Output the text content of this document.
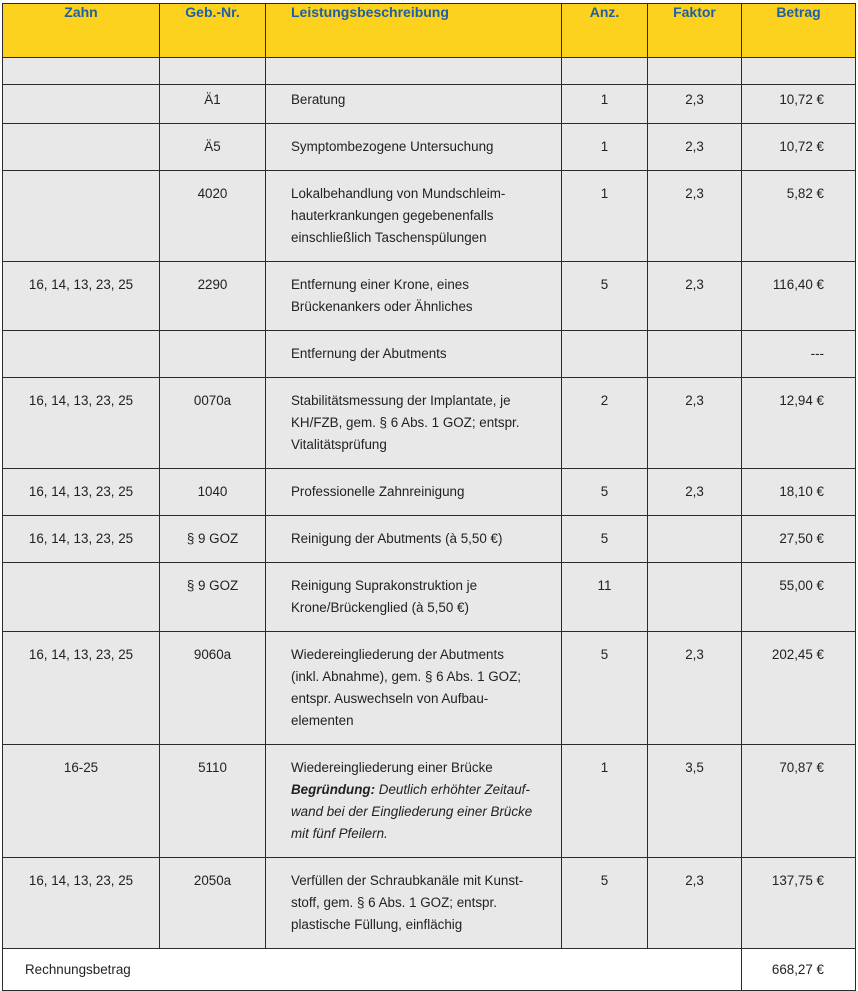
Zahn	Geb.-Nr.	Leistungsbeschreibung	Anz.	Faktor	Betrag

	Ä1	Beratung	1	2,3	10,72 €
	Ä5	Symptombezogene Untersuchung	1	2,3	10,72 €
	4020	Lokalbehandlung von Mundschleim-
hauterkrankungen gegebenenfalls
einschließlich Taschenspülungen	1	2,3	5,82 €
16, 14, 13, 23, 25	2290	Entfernung einer Krone, eines
Brückenankers oder Ähnliches	5	2,3	116,40 €

		Entfernung der Abutments			---
16, 14, 13, 23, 25	0070a	Stabilitätsmessung der Implantate, je
KH/FZB, gem. § 6 Abs. 1 GOZ; entspr.
Vitalitätsprüfung	2	2,3	12,94 €
16, 14, 13, 23, 25	1040	Professionelle Zahnreinigung	5	2,3	18,10 €
16, 14, 13, 23, 25	§ 9 GOZ	Reinigung der Abutments (à 5,50 €)	5		27,50 €
	§ 9 GOZ	Reinigung Suprakonstruktion je
Krone/Brückenglied (à 5,50 €)	11		55,00 €
16, 14, 13, 23, 25	9060a	Wiedereingliederung der Abutments
(inkl. Abnahme), gem. § 6 Abs. 1 GOZ;
entspr. Auswechseln von Aufbau-
elementen	5	2,3	202,45 €
16-25	5110	Wiedereingliederung einer Brücke
Begründung: Deutlich erhöhter Zeitauf-
wand bei der Eingliederung einer Brücke
mit fünf Pfeilern.	1	3,5	70,87 €
16, 14, 13, 23, 25	2050a	Verfüllen der Schraubkanäle mit Kunst-
stoff, gem. § 6 Abs. 1 GOZ; entspr.
plastische Füllung, einflächig	5	2,3	137,75 €
Rechnungsbetrag					668,27 €
